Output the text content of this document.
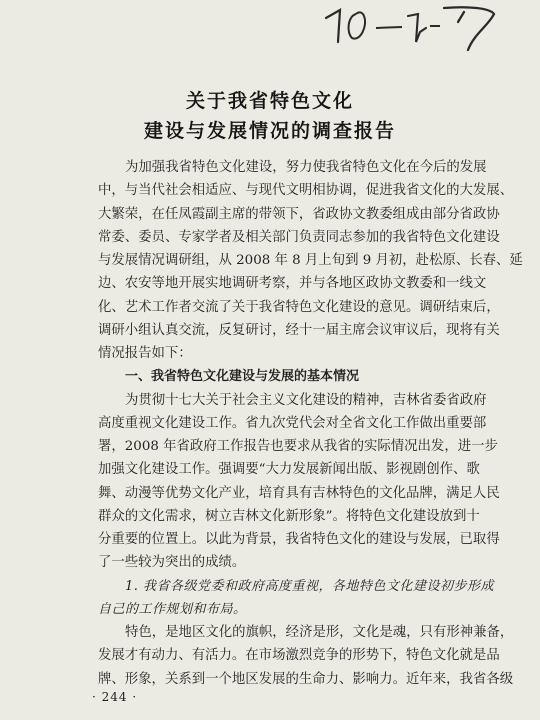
关于我省特色文化
建设与发展情况的调查报告
为加强我省特色文化建设，努力使我省特色文化在今后的发展
中，与当代社会相适应、与现代文明相协调，促进我省文化的大发展、
大繁荣，在任凤霞副主席的带领下，省政协文教委组成由部分省政协
常委、委员、专家学者及相关部门负责同志参加的我省特色文化建设
与发展情况调研组，从 2008 年 8 月上旬到 9 月初，赴松原、长春、延
边、农安等地开展实地调研考察，并与各地区政协文教委和一线文
化、艺术工作者交流了关于我省特色文化建设的意见。调研结束后，
调研小组认真交流，反复研讨，经十一届主席会议审议后，现将有关
情况报告如下：
一、我省特色文化建设与发展的基本情况
为贯彻十七大关于社会主义文化建设的精神，吉林省委省政府
高度重视文化建设工作。省九次党代会对全省文化工作做出重要部
署，2008 年省政府工作报告也要求从我省的实际情况出发，进一步
加强文化建设工作。强调要“大力发展新闻出版、影视剧创作、歌
舞、动漫等优势文化产业，培育具有吉林特色的文化品牌，满足人民
群众的文化需求，树立吉林文化新形象”。将特色文化建设放到十
分重要的位置上。以此为背景，我省特色文化的建设与发展，已取得
了一些较为突出的成绩。
1. 我省各级党委和政府高度重视，各地特色文化建设初步形成
自己的工作规划和布局。
特色，是地区文化的旗帜，经济是形，文化是魂，只有形神兼备，
发展才有动力、有活力。在市场激烈竞争的形势下，特色文化就是品
牌、形象，关系到一个地区发展的生命力、影响力。近年来，我省各级
· 244 ·
